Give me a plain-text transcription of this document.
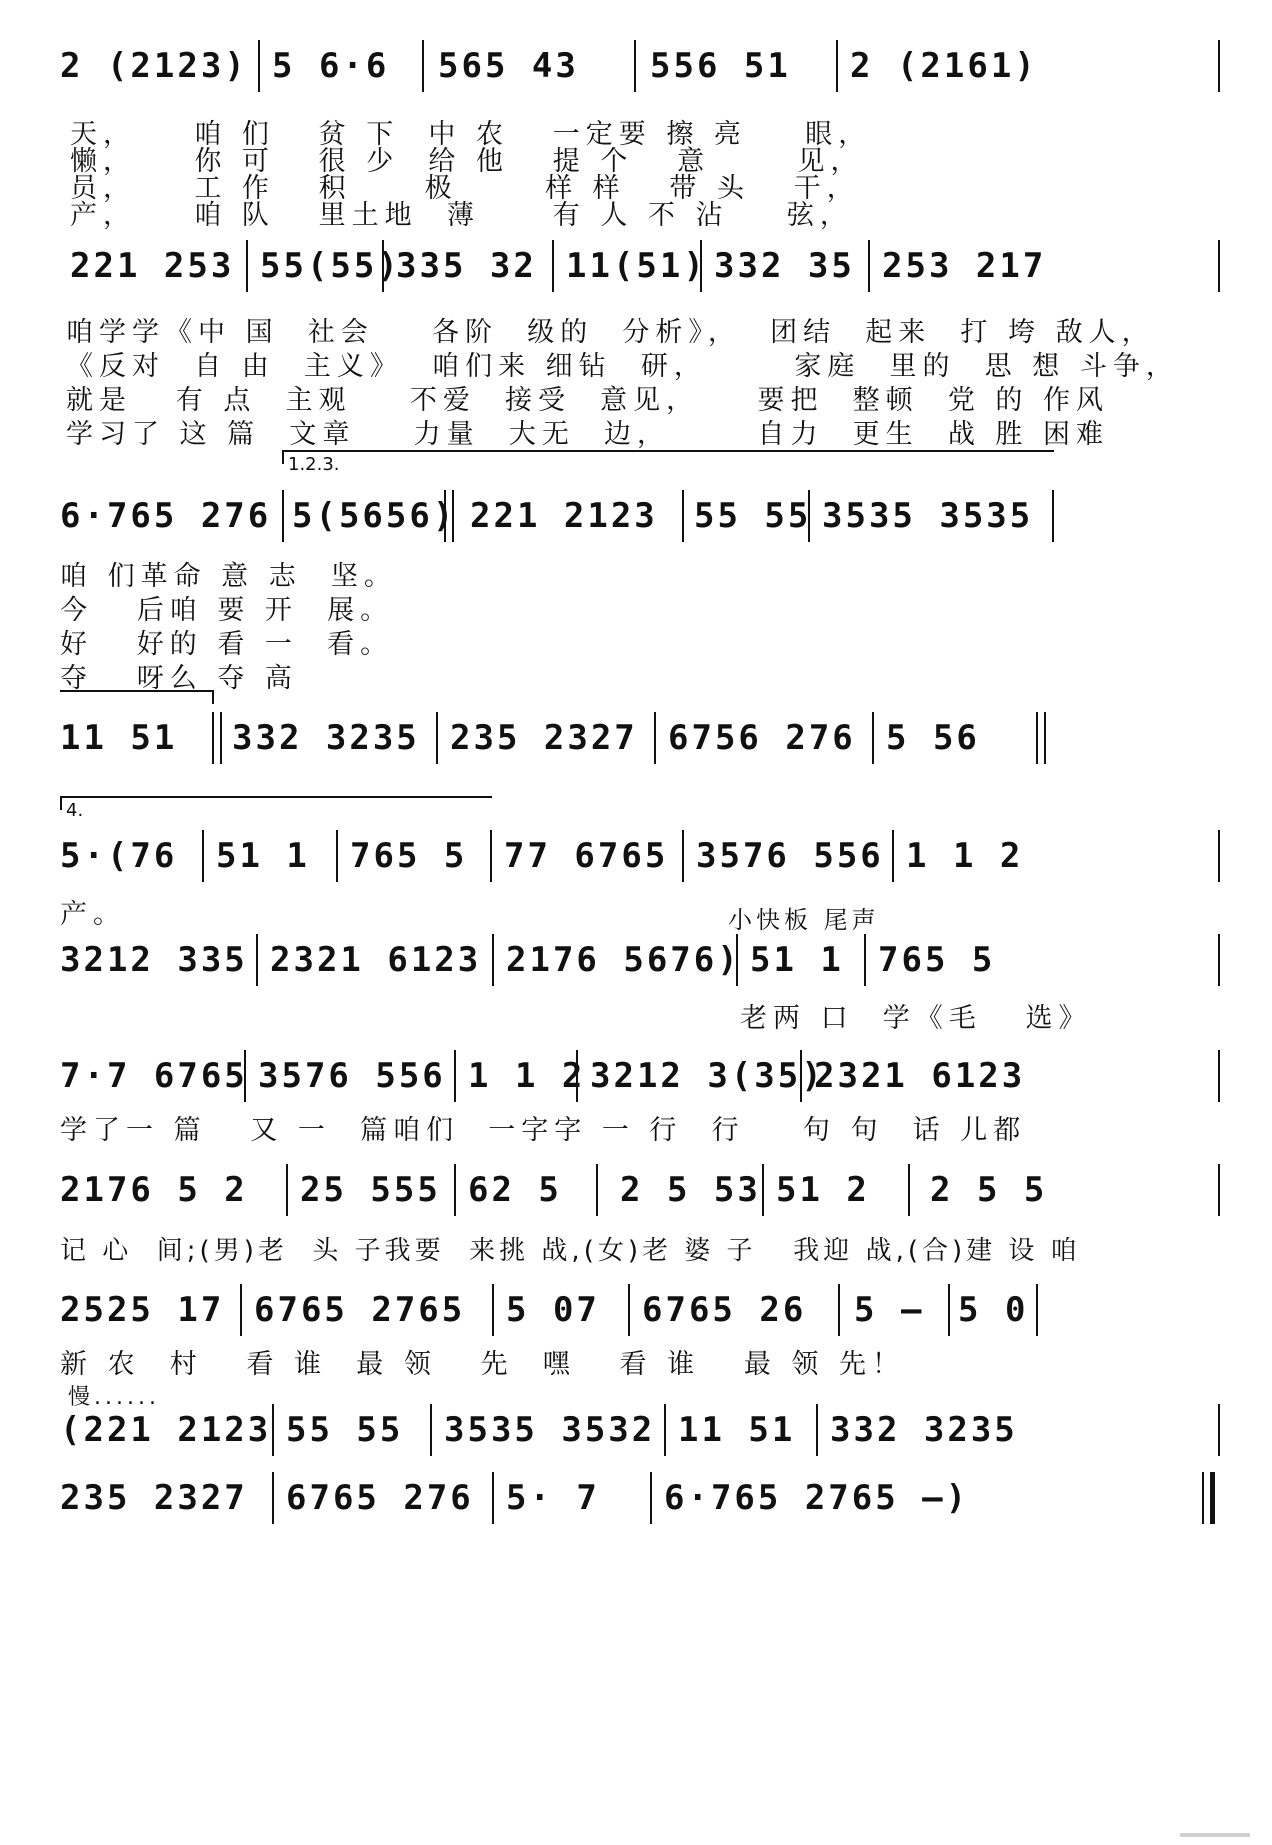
2 (2123) 5 6·6 565 43 556 51 2 (2161)
天，    咱 们   贫 下  中 农   一定要 擦 亮    眼，
懒，    你 可   很 少  给 他   提 个   意      见，
员，    工 作   积     极      样 样   带 头   干，
产，    咱 队   里土地  薄     有 人 不 沾    弦，
221 253 55(55)
335 32 11(51) 332 35 253 217
咱学学《中 国  社会    各阶  级的  分析》，  团结  起来  打 垮 敌人，
《反对  自 由  主义》  咱们来 细钻  研，      家庭  里的  思 想 斗争，
就是   有 点  主观    不爱  接受  意见，    要把  整顿  党 的 作风
学习了 这 篇  文章    力量  大无  边，      自力  更生  战 胜 困难
1.2.3.
6·765 276 5(5656) 221 2123 55 55 3535 3535
咱 们革命 意 志  坚。
今   后咱 要 开  展。
好   好的 看 一  看。
夺   呀么 夺 高
11 51 332 3235 235 2327 6756 276 5 56
4.
5·(76 51 1 765 5 77 6765 3576 556 1 1 2
产。	小快板 尾声
3212 335 2321 6123 2176 5676) 51 1 765 5
老两 口  学《毛   选》
7·7 6765 3576 556 1 1 2 3212 3(35)
2321 6123
学了一 篇   又 一  篇咱们  一字字 一 行  行    句 句  话 儿都
2176 5 2 25 555 62 5 2 5 53 51 2 2 5 5
记 心  间;(男)老  头 子我要  来挑 战,(女)老 婆 子   我迎 战,(合)建 设 咱
2525 17 6765 2765 5 07 6765 26 5 – 5 0
新 农  村   看 谁  最 领   先  嘿   看 谁   最 领 先！
慢......
(221 2123 55 55 3535 3532 11 51 332 3235
235 2327 6765 276 5· 7 6·765 2765 –)
